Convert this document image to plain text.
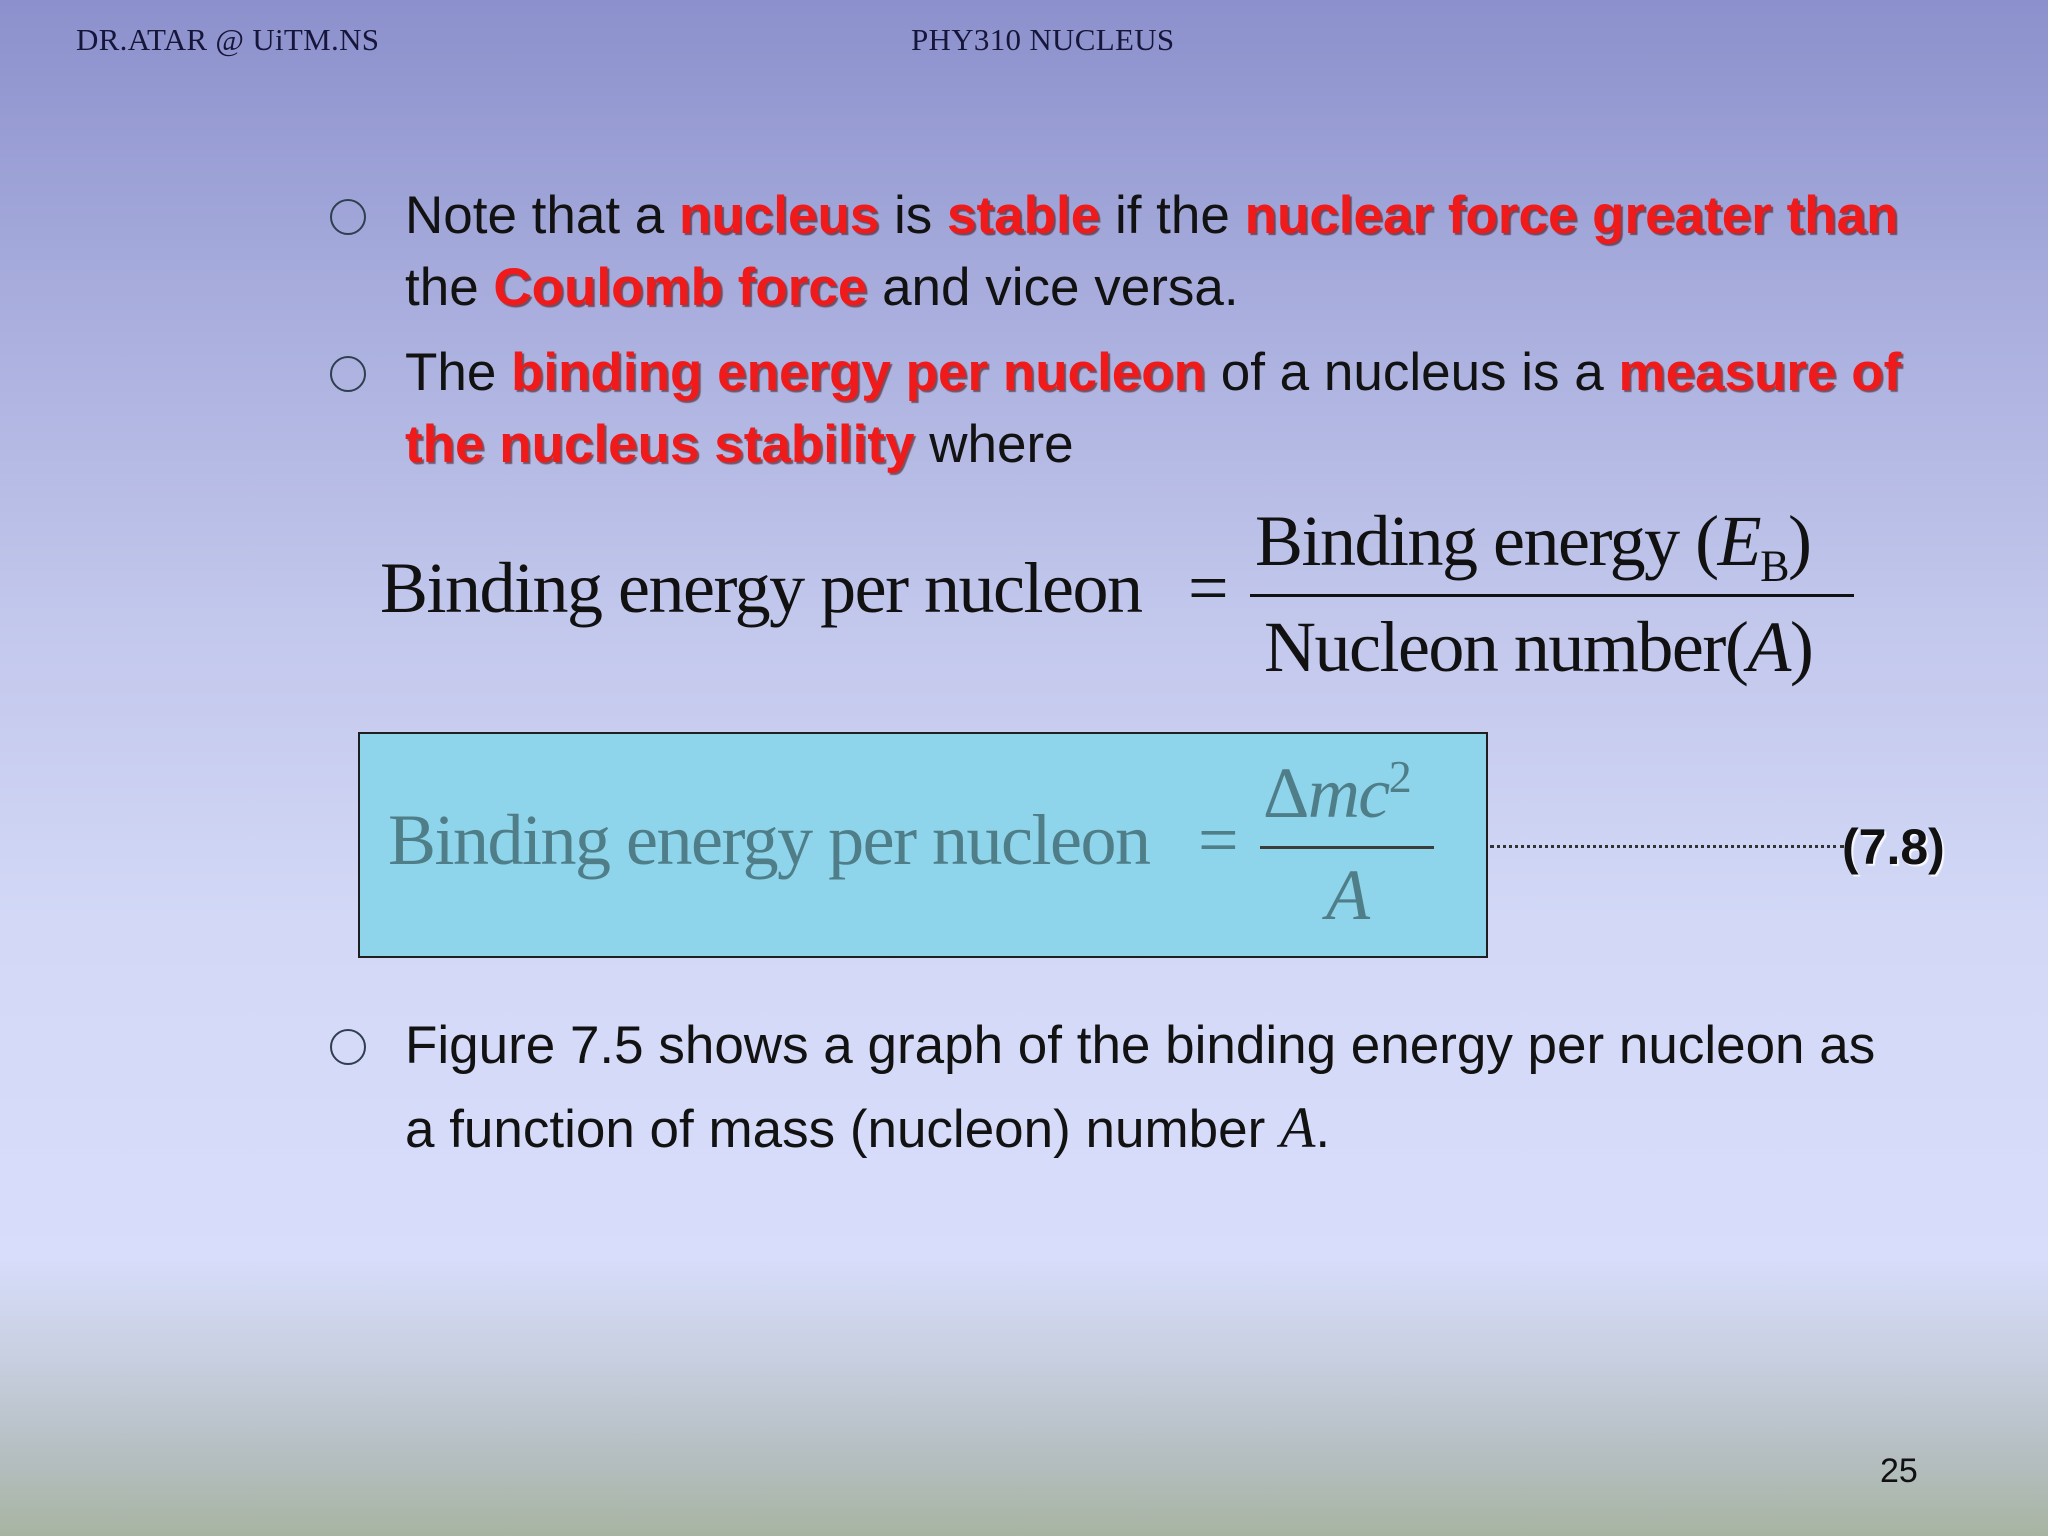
DR.ATAR @ UiTM.NS	PHY310 NUCLEUS
Note that a nucleus is stable if the nuclear force greater than
the Coulomb force and vice versa.
The binding energy per nucleon of a nucleus is a measure of
the nucleus stability where
Binding energy per nucleon =
Binding energy $(E_B)$
Nucleon number(A)
Binding energy per nucleon =
Δmc$^2$
A
(7.8)
Figure 7.5 shows a graph of the binding energy per nucleon as
a function of mass (nucleon) number A.
25
